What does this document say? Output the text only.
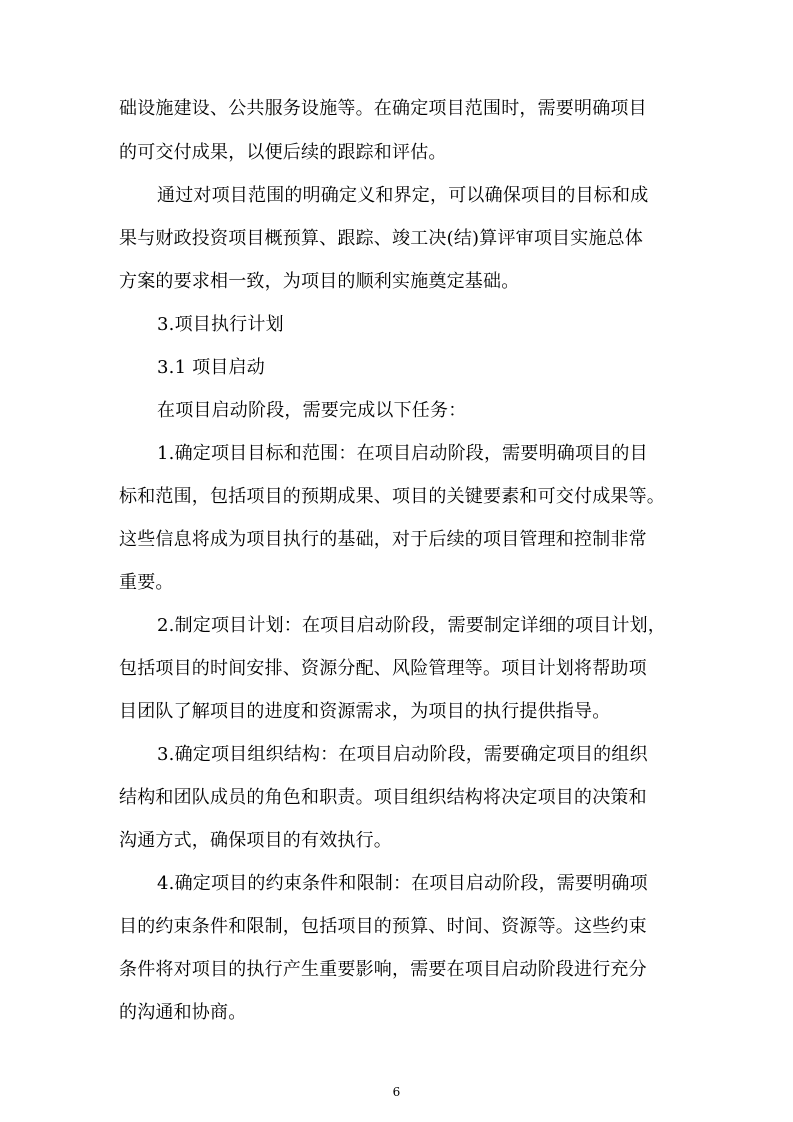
础设施建设、公共服务设施等。在确定项目范围时，需要明确项目
的可交付成果，以便后续的跟踪和评估。
通过对项目范围的明确定义和界定，可以确保项目的目标和成
果与财政投资项目概预算、跟踪、竣工决(结)算评审项目实施总体
方案的要求相一致，为项目的顺利实施奠定基础。
3.项目执行计划
3.1 项目启动
在项目启动阶段，需要完成以下任务：
1.确定项目目标和范围：在项目启动阶段，需要明确项目的目
标和范围，包括项目的预期成果、项目的关键要素和可交付成果等。
这些信息将成为项目执行的基础，对于后续的项目管理和控制非常
重要。
2.制定项目计划：在项目启动阶段，需要制定详细的项目计划，
包括项目的时间安排、资源分配、风险管理等。项目计划将帮助项
目团队了解项目的进度和资源需求，为项目的执行提供指导。
3.确定项目组织结构：在项目启动阶段，需要确定项目的组织
结构和团队成员的角色和职责。项目组织结构将决定项目的决策和
沟通方式，确保项目的有效执行。
4.确定项目的约束条件和限制：在项目启动阶段，需要明确项
目的约束条件和限制，包括项目的预算、时间、资源等。这些约束
条件将对项目的执行产生重要影响，需要在项目启动阶段进行充分
的沟通和协商。
6
